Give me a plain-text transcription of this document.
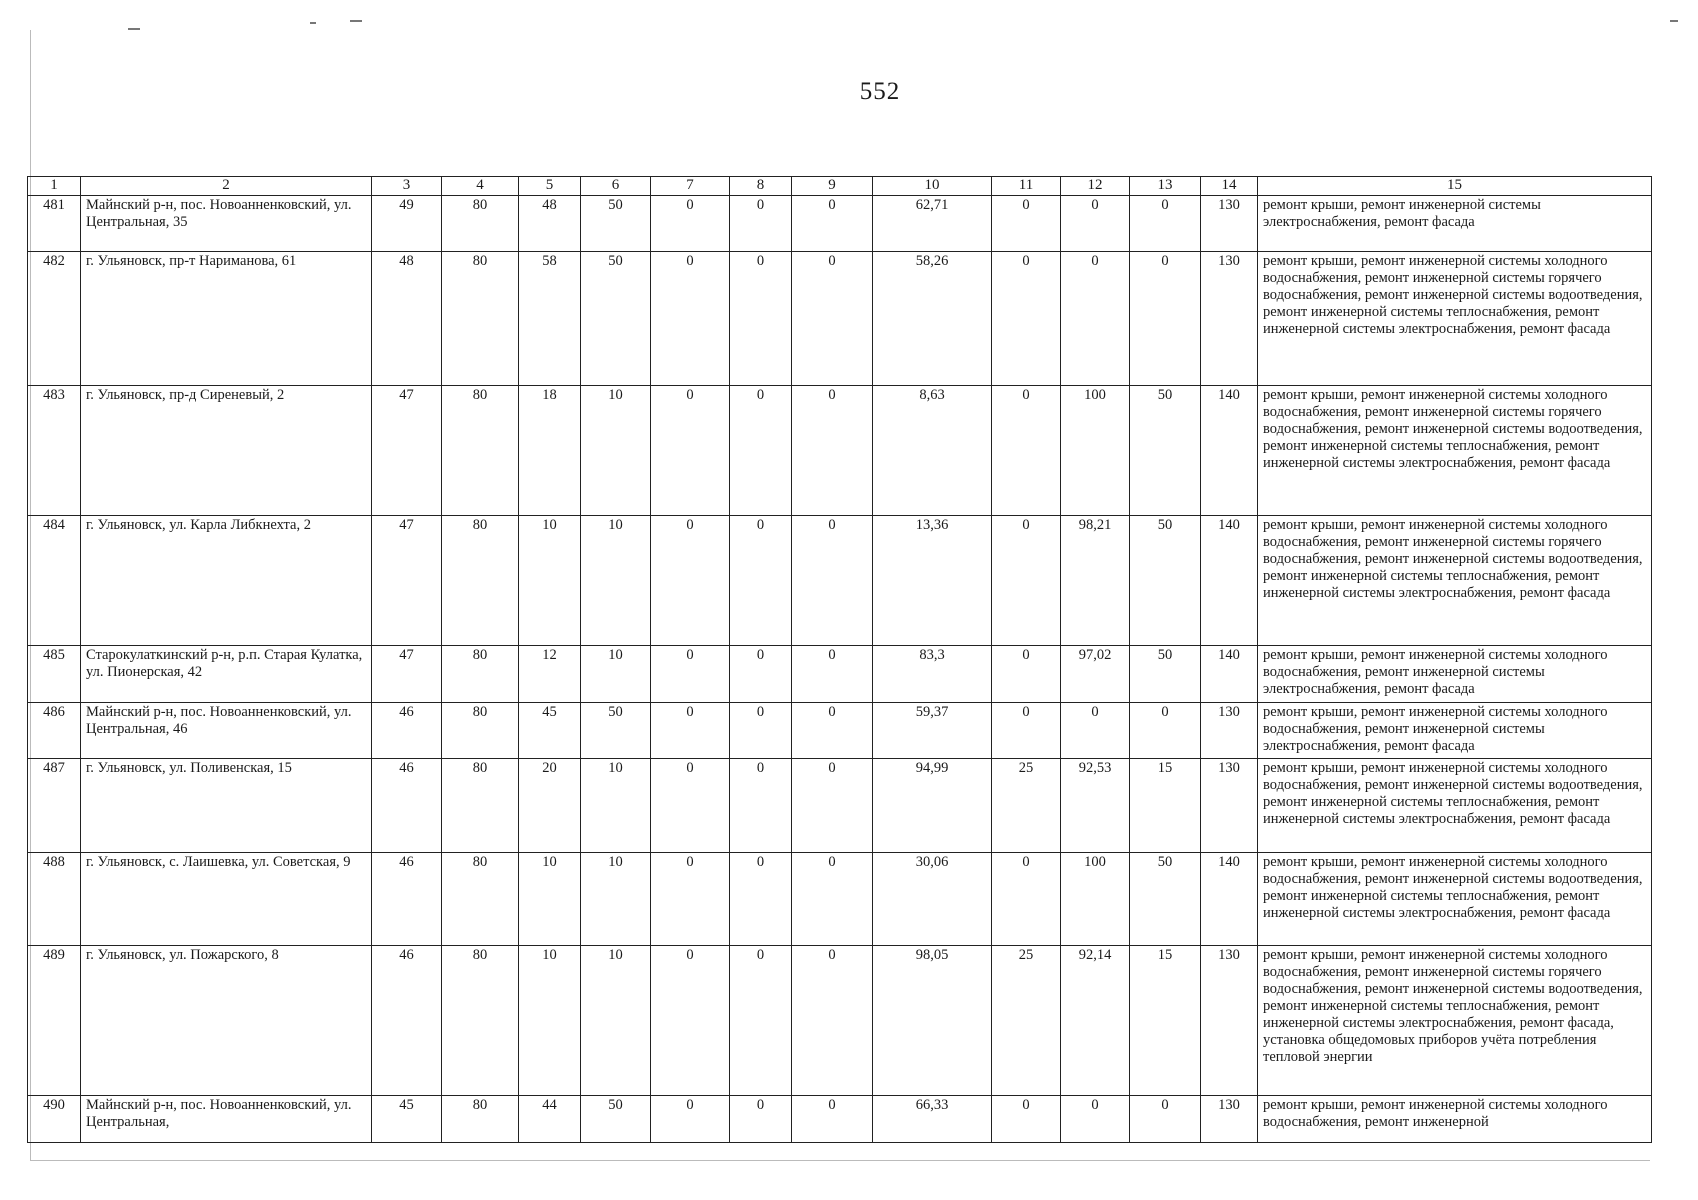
552
1	2	3	4	5	6	7	8	9	10	11	12	13	14	15
481	Майнский р-н, пос. Новоанненковский, ул. Центральная, 35	49	80	48	50	0	0	0	62,71	0	0	0	130	ремонт крыши, ремонт инженерной системы электроснабжения, ремонт фасада
482	г. Ульяновск, пр-т Нариманова, 61	48	80	58	50	0	0	0	58,26	0	0	0	130	ремонт крыши, ремонт инженерной системы холодного водоснабжения, ремонт инженерной системы горячего водоснабжения, ремонт инженерной системы водоотведения, ремонт инженерной системы теплоснабжения, ремонт инженерной системы электроснабжения, ремонт фасада
483	г. Ульяновск, пр-д Сиреневый, 2	47	80	18	10	0	0	0	8,63	0	100	50	140	ремонт крыши, ремонт инженерной системы холодного водоснабжения, ремонт инженерной системы горячего водоснабжения, ремонт инженерной системы водоотведения, ремонт инженерной системы теплоснабжения, ремонт инженерной системы электроснабжения, ремонт фасада
484	г. Ульяновск, ул. Карла Либкнехта, 2	47	80	10	10	0	0	0	13,36	0	98,21	50	140	ремонт крыши, ремонт инженерной системы холодного водоснабжения, ремонт инженерной системы горячего водоснабжения, ремонт инженерной системы водоотведения, ремонт инженерной системы теплоснабжения, ремонт инженерной системы электроснабжения, ремонт фасада
485	Старокулаткинский р-н, р.п. Старая Кулатка, ул. Пионерская, 42	47	80	12	10	0	0	0	83,3	0	97,02	50	140	ремонт крыши, ремонт инженерной системы холодного водоснабжения, ремонт инженерной системы электроснабжения, ремонт фасада
486	Майнский р-н, пос. Новоанненковский, ул. Центральная, 46	46	80	45	50	0	0	0	59,37	0	0	0	130	ремонт крыши, ремонт инженерной системы холодного водоснабжения, ремонт инженерной системы электроснабжения, ремонт фасада
487	г. Ульяновск, ул. Поливенская, 15	46	80	20	10	0	0	0	94,99	25	92,53	15	130	ремонт крыши, ремонт инженерной системы холодного водоснабжения, ремонт инженерной системы водоотведения, ремонт инженерной системы теплоснабжения, ремонт инженерной системы электроснабжения, ремонт фасада
488	г. Ульяновск, с. Лаишевка, ул. Советская, 9	46	80	10	10	0	0	0	30,06	0	100	50	140	ремонт крыши, ремонт инженерной системы холодного водоснабжения, ремонт инженерной системы водоотведения, ремонт инженерной системы теплоснабжения, ремонт инженерной системы электроснабжения, ремонт фасада
489	г. Ульяновск, ул. Пожарского, 8	46	80	10	10	0	0	0	98,05	25	92,14	15	130	ремонт крыши, ремонт инженерной системы холодного водоснабжения, ремонт инженерной системы горячего водоснабжения, ремонт инженерной системы водоотведения, ремонт инженерной системы теплоснабжения, ремонт инженерной системы электроснабжения, ремонт фасада, установка общедомовых приборов учёта потребления тепловой энергии
490	Майнский р-н, пос. Новоанненковский, ул. Центральная,	45	80	44	50	0	0	0	66,33	0	0	0	130	ремонт крыши, ремонт инженерной системы холодного водоснабжения, ремонт инженерной
